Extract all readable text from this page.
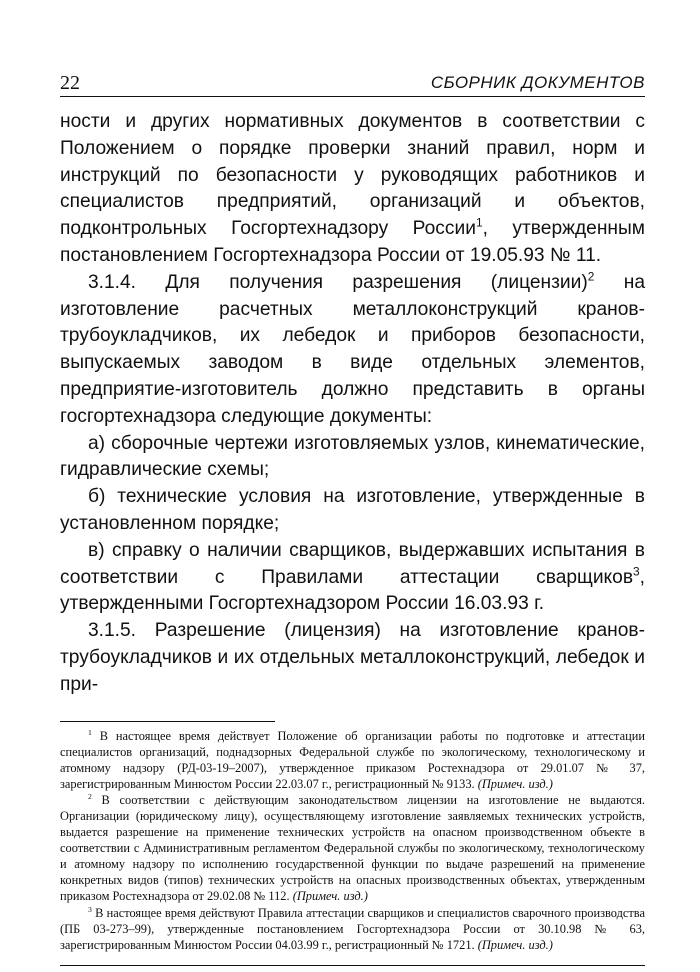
22	СБОРНИК ДОКУМЕНТОВ

ности и других нормативных документов в соответствии с Положением о порядке проверки знаний правил, норм и инструкций по безопасности у руководящих работников и специалистов предприятий, организаций и объектов, подконтрольных Госгортехнадзору России$^1$, утвержденным постановлением Госгортехнадзора России от 19.05.93 № 11.

3.1.4. Для получения разрешения (лицензии)$^2$ на изготовление расчетных металлоконструкций кранов-трубоукладчиков, их лебедок и приборов безопасности, выпускаемых заводом в виде отдельных элементов, предприятие-изготовитель должно представить в органы госгортехнадзора следующие документы:

а) сборочные чертежи изготовляемых узлов, кинематические, гидравлические схемы;

б) технические условия на изготовление, утвержденные в установленном порядке;

в) справку о наличии сварщиков, выдержавших испытания в соответствии с Правилами аттестации сварщиков$^3$, утвержденными Госгортехнадзором России 16.03.93 г.

3.1.5. Разрешение (лицензия) на изготовление кранов-трубоукладчиков и их отдельных металлоконструкций, лебедок и при-

$^1$ В настоящее время действует Положение об организации работы по подготовке и аттестации специалистов организаций, поднадзорных Федеральной службе по экологическому, технологическому и атомному надзору (РД-03-19–2007), утвержденное приказом Ростехнадзора от 29.01.07 № 37, зарегистрированным Минюстом России 22.03.07 г., регистрационный № 9133. (Примеч. изд.)

$^2$ В соответствии с действующим законодательством лицензии на изготовление не выдаются. Организации (юридическому лицу), осуществляющему изготовление заявляемых технических устройств, выдается разрешение на применение технических устройств на опасном производственном объекте в соответствии с Административным регламентом Федеральной службы по экологическому, технологическому и атомному надзору по исполнению государственной функции по выдаче разрешений на применение конкретных видов (типов) технических устройств на опасных производственных объектах, утвержденным приказом Ростехнадзора от 29.02.08 № 112. (Примеч. изд.)

$^3$ В настоящее время действуют Правила аттестации сварщиков и специалистов сварочного производства (ПБ 03-273–99), утвержденные постановлением Госгортехнадзора России от 30.10.98 № 63, зарегистрированным Минюстом России 04.03.99 г., регистрационный № 1721. (Примеч. изд.)
